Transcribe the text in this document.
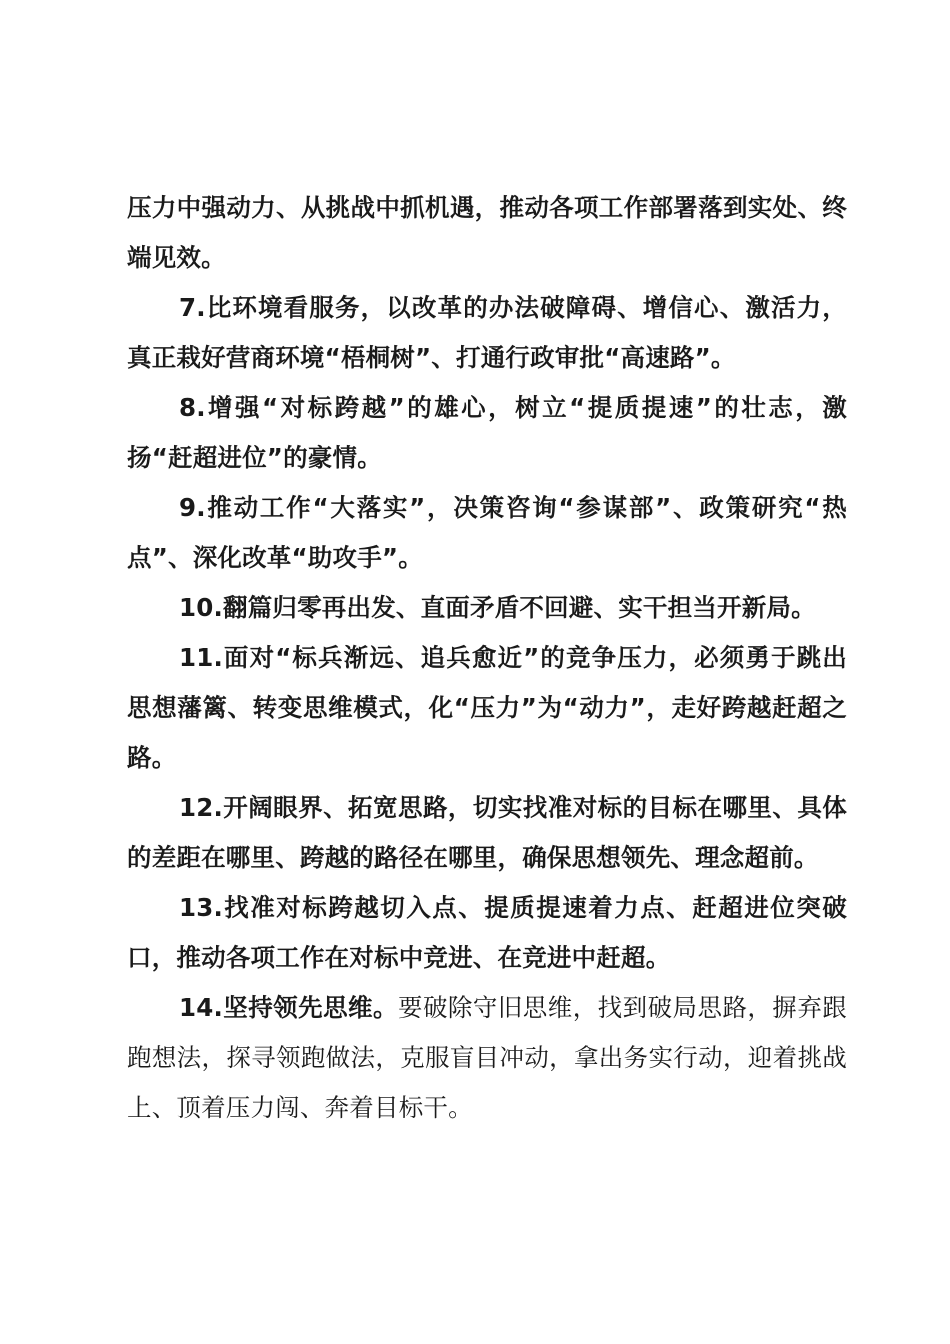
压力中强动力、从挑战中抓机遇，推动各项工作部署落到实处、终端见效。

7.比环境看服务，以改革的办法破障碍、增信心、激活力，真正栽好营商环境“梧桐树”、打通行政审批“高速路”。

8.增强“对标跨越”的雄心，树立“提质提速”的壮志，激扬“赶超进位”的豪情。

9.推动工作“大落实”，决策咨询“参谋部”、政策研究“热点”、深化改革“助攻手”。

10.翻篇归零再出发、直面矛盾不回避、实干担当开新局。

11.面对“标兵渐远、追兵愈近”的竞争压力，必须勇于跳出思想藩篱、转变思维模式，化“压力”为“动力”，走好跨越赶超之路。

12.开阔眼界、拓宽思路，切实找准对标的目标在哪里、具体的差距在哪里、跨越的路径在哪里，确保思想领先、理念超前。

13.找准对标跨越切入点、提质提速着力点、赶超进位突破口，推动各项工作在对标中竞进、在竞进中赶超。

14.坚持领先思维。要破除守旧思维，找到破局思路，摒弃跟跑想法，探寻领跑做法，克服盲目冲动，拿出务实行动，迎着挑战上、顶着压力闯、奔着目标干。
